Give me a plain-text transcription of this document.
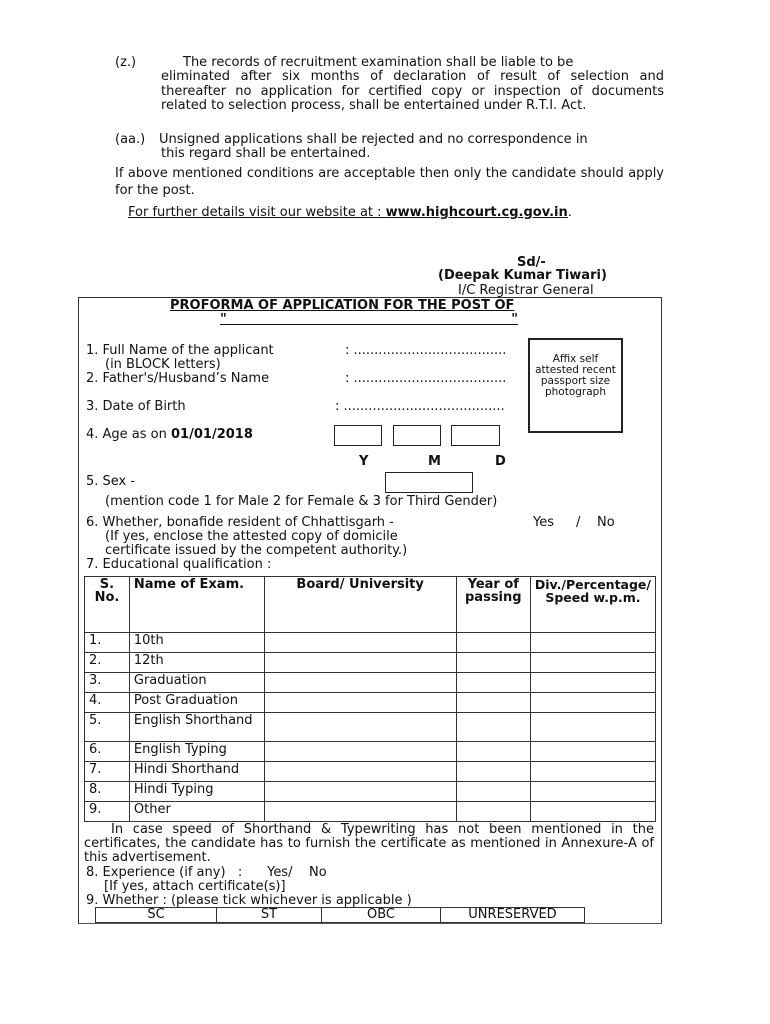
(z.)	The records of recruitment examination shall be liable to be
eliminated after six months of declaration of result of selection and thereafter no application for certified copy or inspection of documents related to selection process, shall be entertained under R.T.I. Act.
(aa.) Unsigned applications shall be rejected and no correspondence in
this regard shall be entertained.
If above mentioned conditions are acceptable then only the candidate should apply for the post.
For further details visit our website at : www.highcourt.cg.gov.in.
Sd/-
(Deepak Kumar Tiwari)
I/C Registrar General
PROFORMA OF APPLICATION FOR THE POST OF
"	"
Affix self attested recent passport size photograph
1. Full Name of the applicant	: .....................................
(in BLOCK letters)
2. Father's/Husband’s Name	: .....................................
3. Date of Birth	: .......................................
4. Age as on 01/01/2018
Y	M	D
5. Sex -
(mention code 1 for Male 2 for Female & 3 for Third Gender)
6. Whether, bonafide resident of Chhattisgarh -	Yes / No
(If yes, enclose the attested copy of domicile
certificate issued by the competent authority.)
7. Educational qualification :
S. No.	Name of Exam.	Board/ University	Year of passing	Div./Percentage/ Speed w.p.m.
1.	10th			
2.	12th			
3.	Graduation			
4.	Post Graduation			
5.	English Shorthand			
6.	English Typing			
7.	Hindi Shorthand			
8.	Hindi Typing			
9.	Other			
In case speed of Shorthand & Typewriting has not been mentioned in the certificates, the candidate has to furnish the certificate as mentioned in Annexure-A of this advertisement.
8. Experience (if any)   :      Yes/    No
[If yes, attach certificate(s)]
9. Whether : (please tick whichever is applicable )
SC	ST	OBC	UNRESERVED
